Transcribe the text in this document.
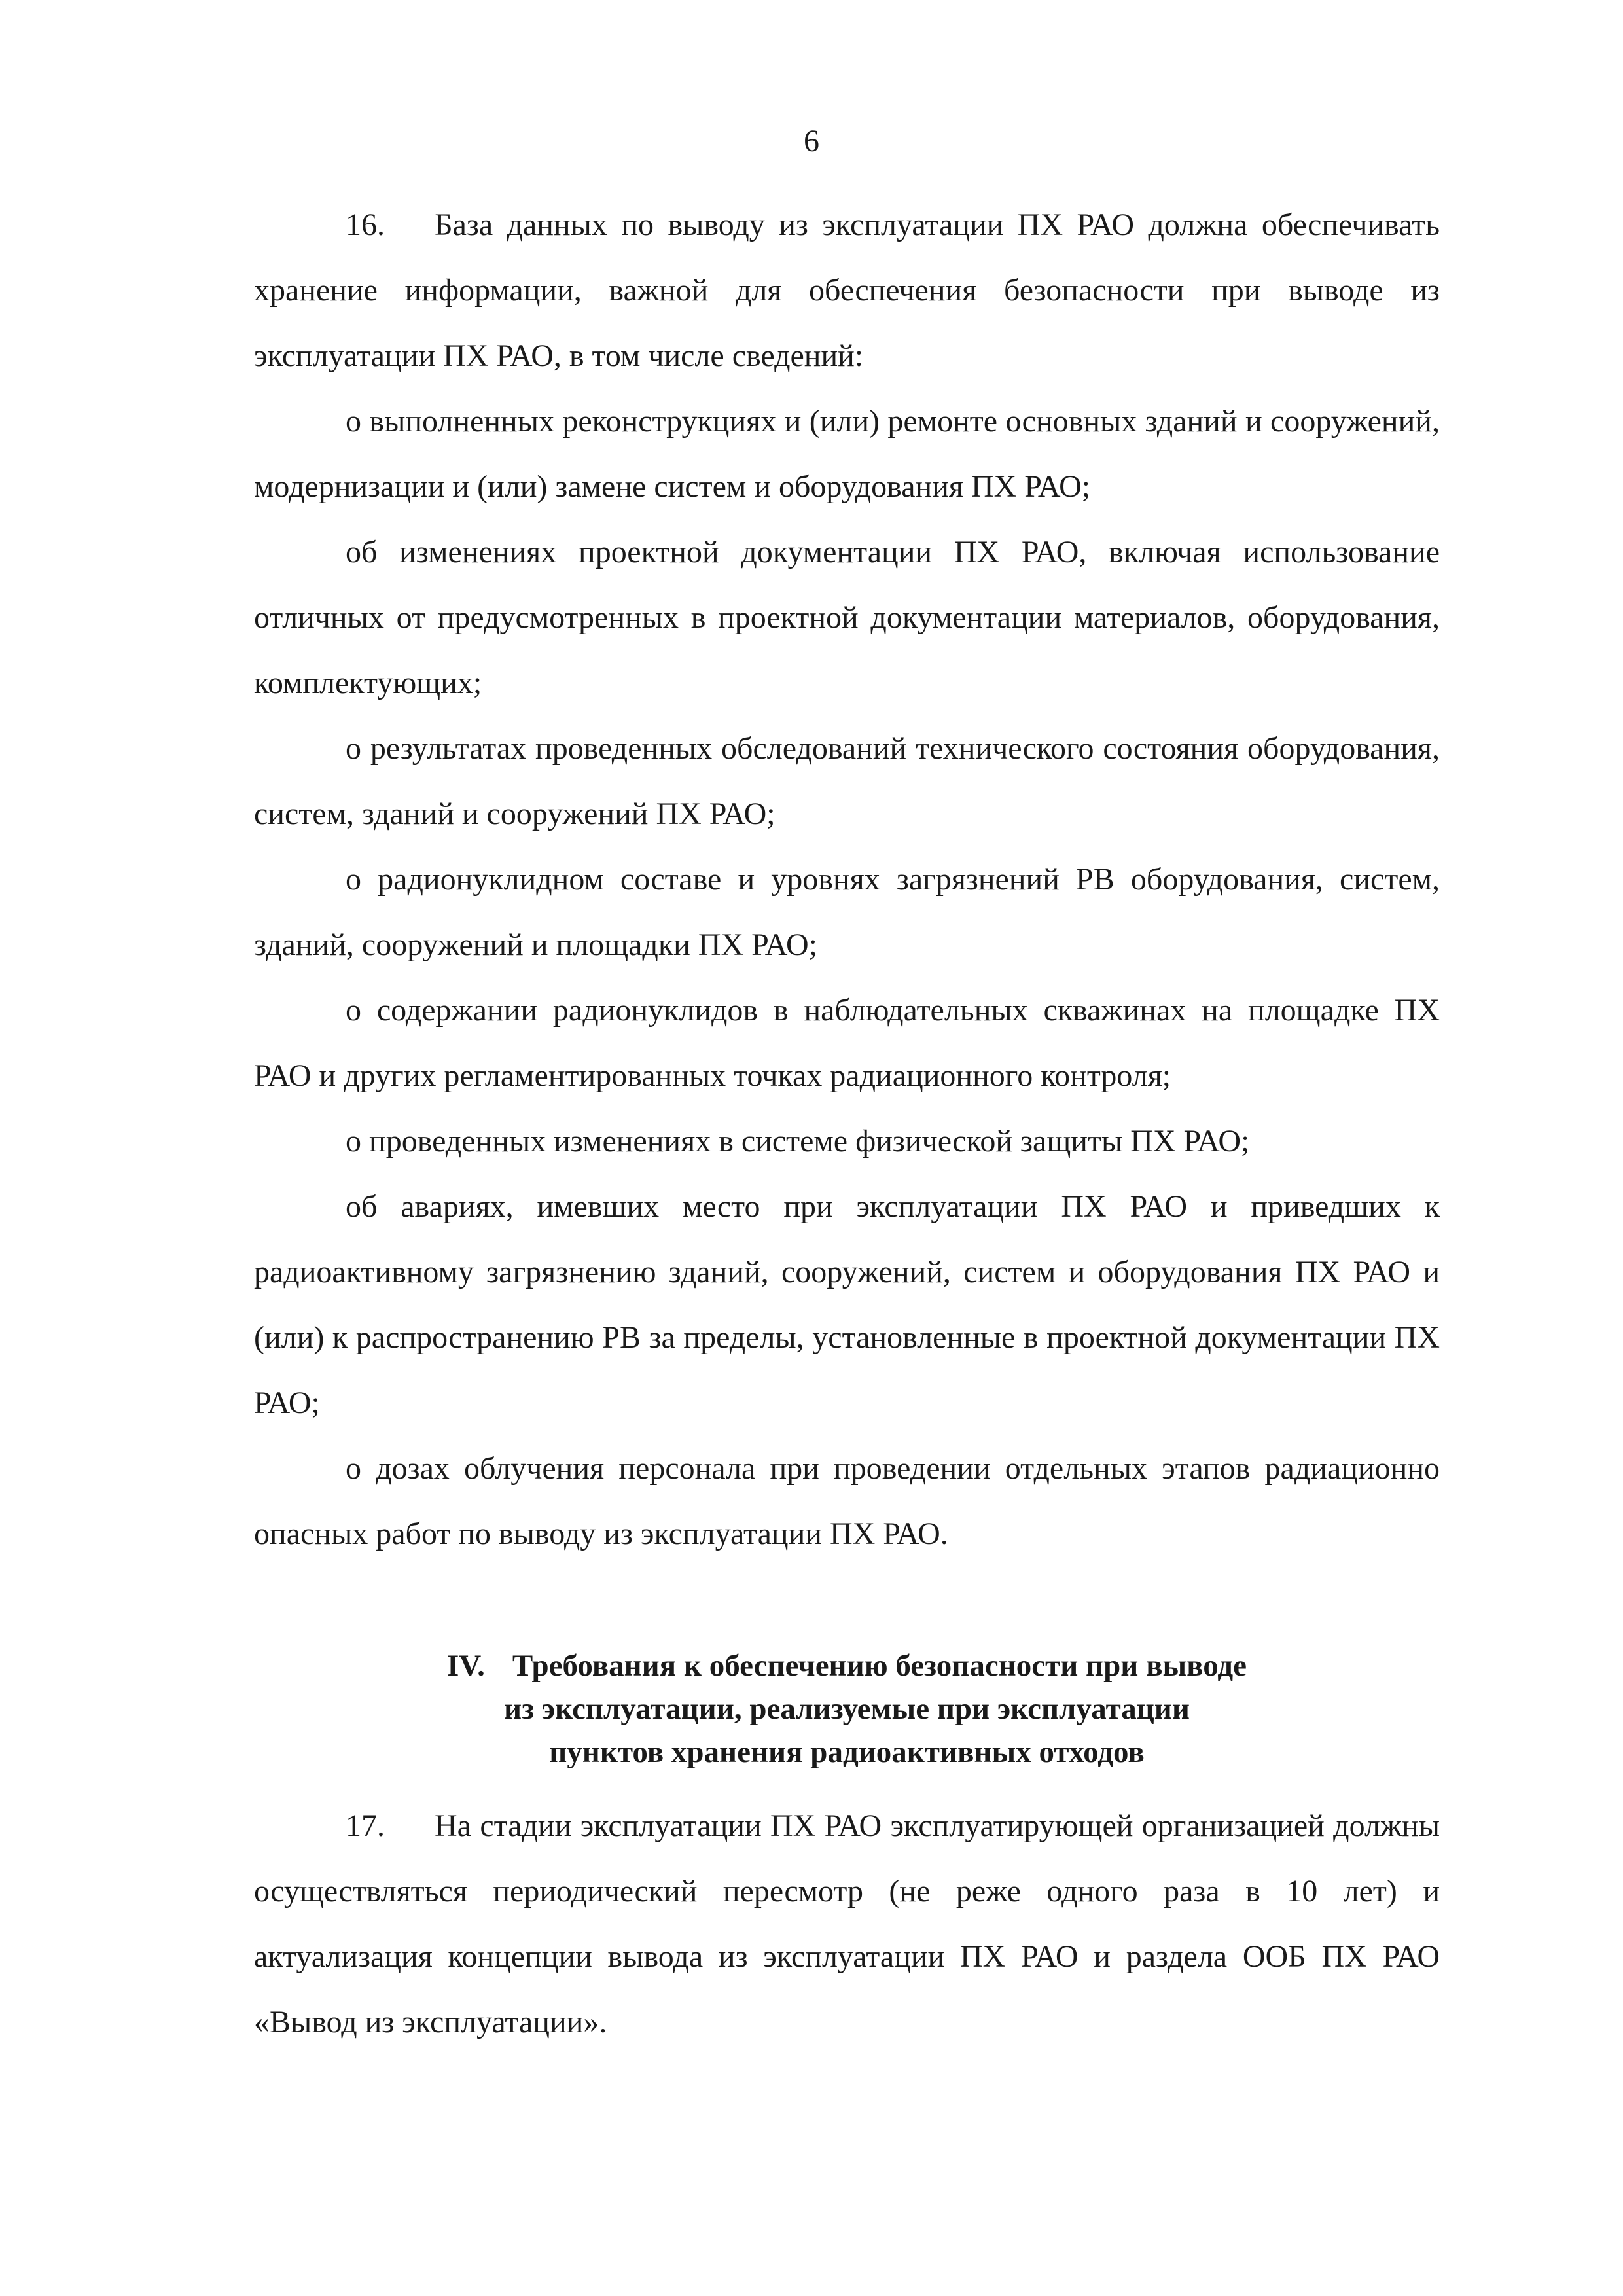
6

16. База данных по выводу из эксплуатации ПХ РАО должна обеспечивать хранение информации, важной для обеспечения безопасности при выводе из эксплуатации ПХ РАО, в том числе сведений:

о выполненных реконструкциях и (или) ремонте основных зданий и сооружений, модернизации и (или) замене систем и оборудования ПХ РАО;

об изменениях проектной документации ПХ РАО, включая использование отличных от предусмотренных в проектной документации материалов, оборудования, комплектующих;

о результатах проведенных обследований технического состояния оборудования, систем, зданий и сооружений ПХ РАО;

о радионуклидном составе и уровнях загрязнений РВ оборудования, систем, зданий, сооружений и площадки ПХ РАО;

о содержании радионуклидов в наблюдательных скважинах на площадке ПХ РАО и других регламентированных точках радиационного контроля;

о проведенных изменениях в системе физической защиты ПХ РАО;

об авариях, имевших место при эксплуатации ПХ РАО и приведших к радиоактивному загрязнению зданий, сооружений, систем и оборудования ПХ РАО и (или) к распространению РВ за пределы, установленные в проектной документации ПХ РАО;

о дозах облучения персонала при проведении отдельных этапов радиационно опасных работ по выводу из эксплуатации ПХ РАО.

IV. Требования к обеспечению безопасности при выводе
из эксплуатации, реализуемые при эксплуатации
пунктов хранения радиоактивных отходов

17. На стадии эксплуатации ПХ РАО эксплуатирующей организацией должны осуществляться периодический пересмотр (не реже одного раза в 10 лет) и актуализация концепции вывода из эксплуатации ПХ РАО и раздела ООБ ПХ РАО «Вывод из эксплуатации».
